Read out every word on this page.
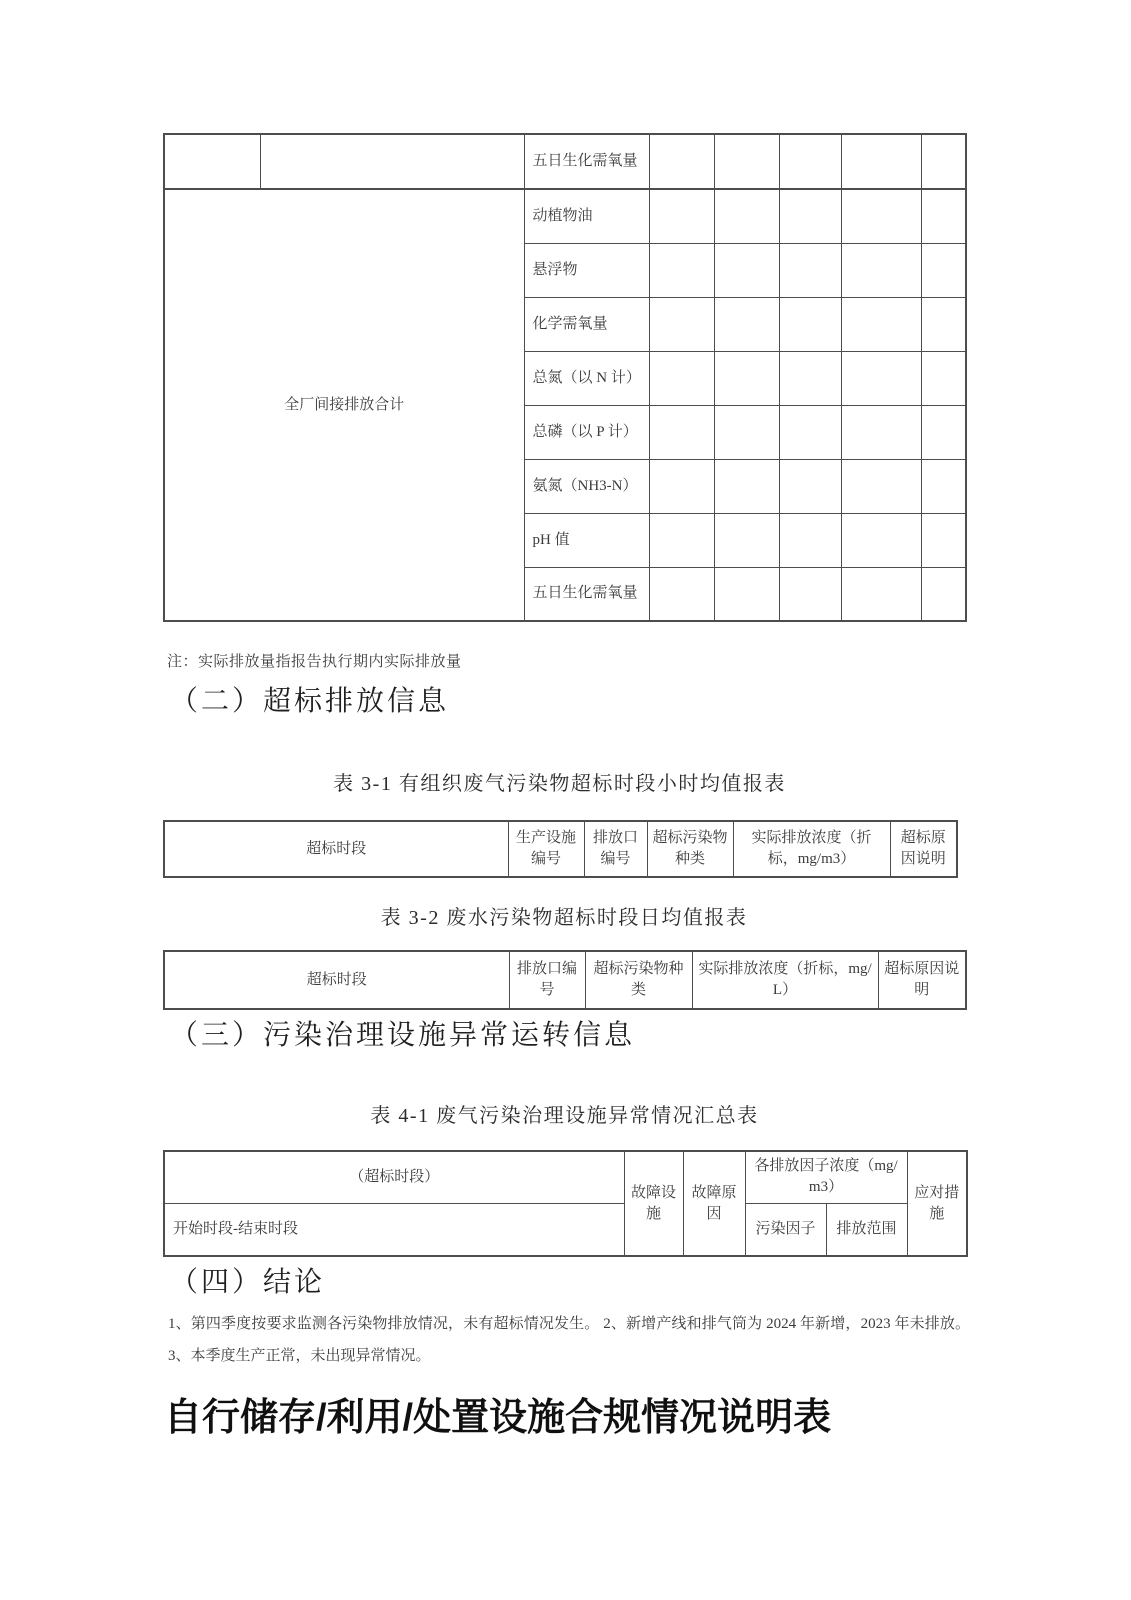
		五日生化需氧量					
全厂间接排放合计		动植物油					
		悬浮物					
		化学需氧量					
		总氮（以 N 计）					
		总磷（以 P 计）					
		氨氮（NH3-N）					
		pH 值					
		五日生化需氧量					
注：实际排放量指报告执行期内实际排放量
（二）超标排放信息
表 3-1 有组织废气污染物超标时段小时均值报表
超标时段	生产设施编号	排放口编号	超标污染物种类	实际排放浓度（折标，mg/m3）	超标原因说明
表 3-2 废水污染物超标时段日均值报表
超标时段	排放口编号	超标污染物种类	实际排放浓度（折标，mg/L）	超标原因说明
（三）污染治理设施异常运转信息
表 4-1 废气污染治理设施异常情况汇总表
（超标时段）	故障设施	故障原因	各排放因子浓度（mg/m3）		应对措施
开始时段-结束时段			污染因子	排放范围	
（四）结论

1、第四季度按要求监测各污染物排放情况，未有超标情况发生。 2、新增产线和排气筒为 2024 年新增，2023 年未排放。 3、本季度生产正常，未出现异常情况。

自行储存/利用/处置设施合规情况说明表
